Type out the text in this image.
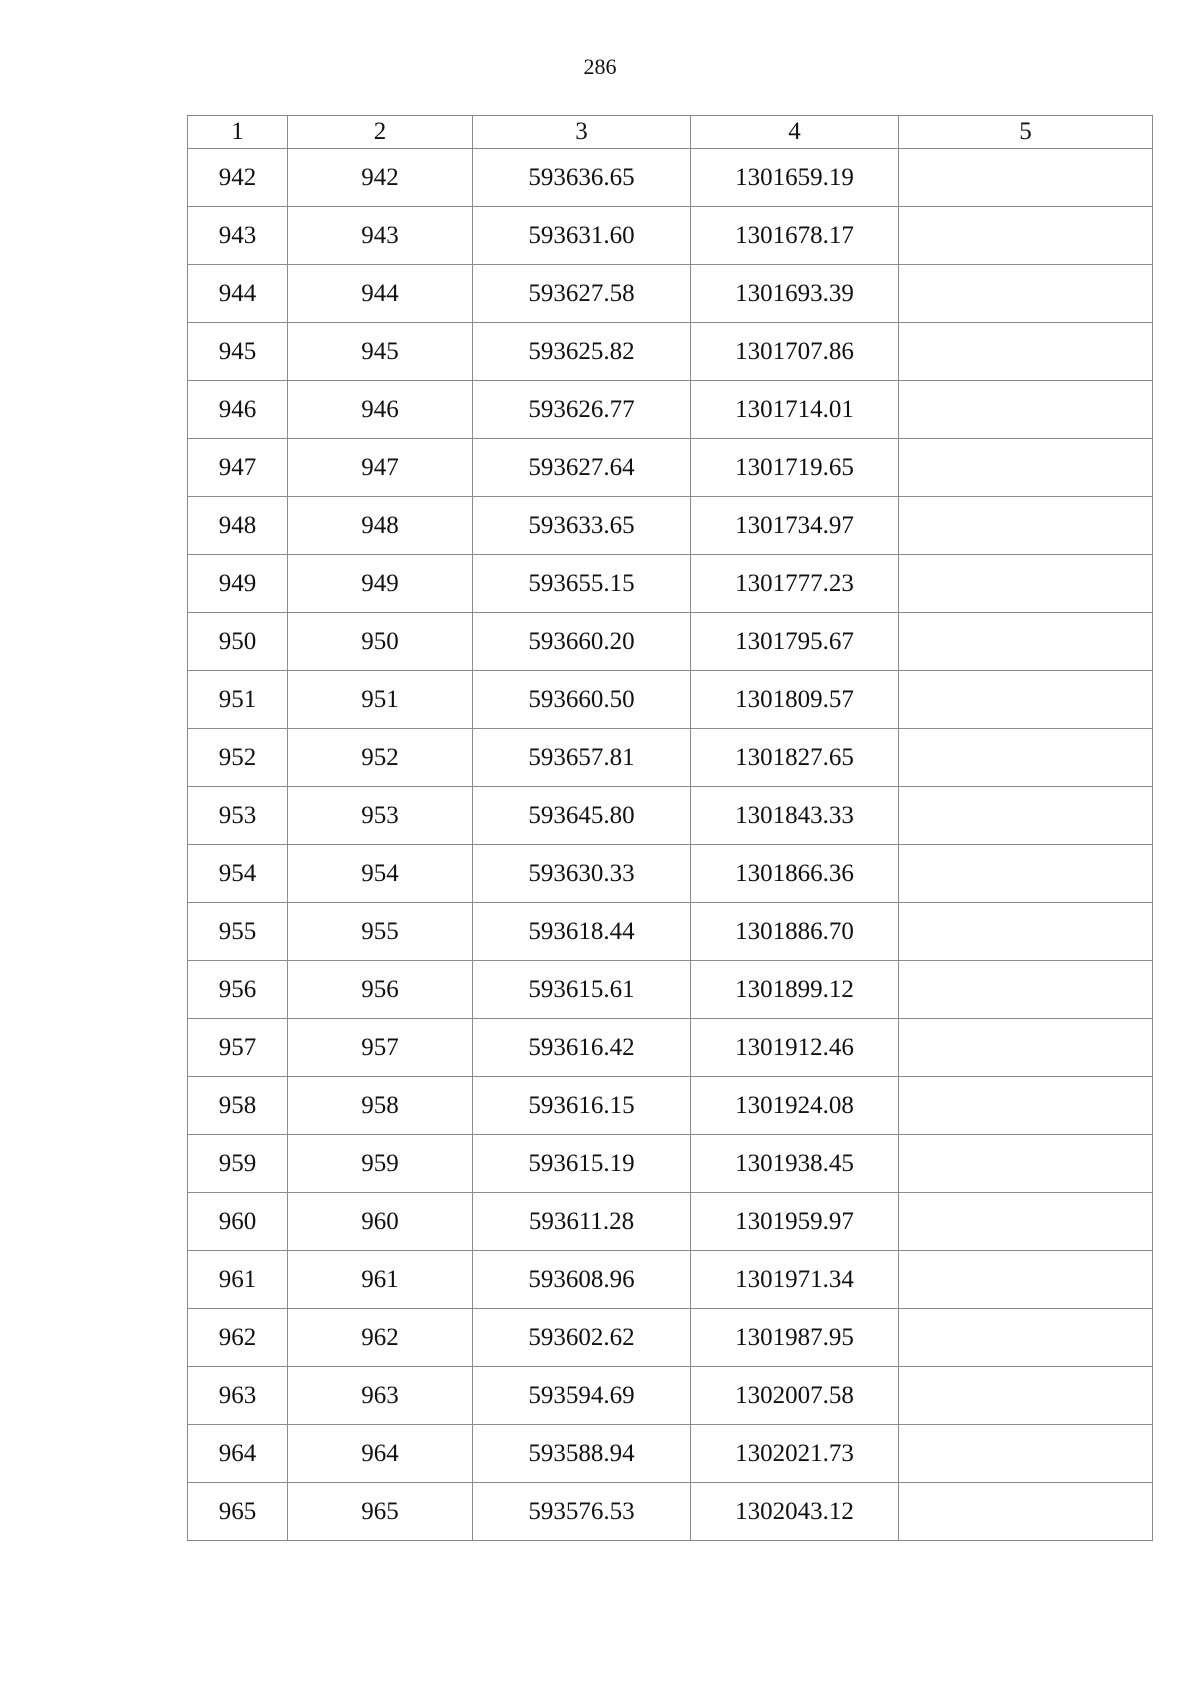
286
1	2	3	4	5
942	942	593636.65	1301659.19	
943	943	593631.60	1301678.17	
944	944	593627.58	1301693.39	
945	945	593625.82	1301707.86	
946	946	593626.77	1301714.01	
947	947	593627.64	1301719.65	
948	948	593633.65	1301734.97	
949	949	593655.15	1301777.23	
950	950	593660.20	1301795.67	
951	951	593660.50	1301809.57	
952	952	593657.81	1301827.65	
953	953	593645.80	1301843.33	
954	954	593630.33	1301866.36	
955	955	593618.44	1301886.70	
956	956	593615.61	1301899.12	
957	957	593616.42	1301912.46	
958	958	593616.15	1301924.08	
959	959	593615.19	1301938.45	
960	960	593611.28	1301959.97	
961	961	593608.96	1301971.34	
962	962	593602.62	1301987.95	
963	963	593594.69	1302007.58	
964	964	593588.94	1302021.73	
965	965	593576.53	1302043.12	
